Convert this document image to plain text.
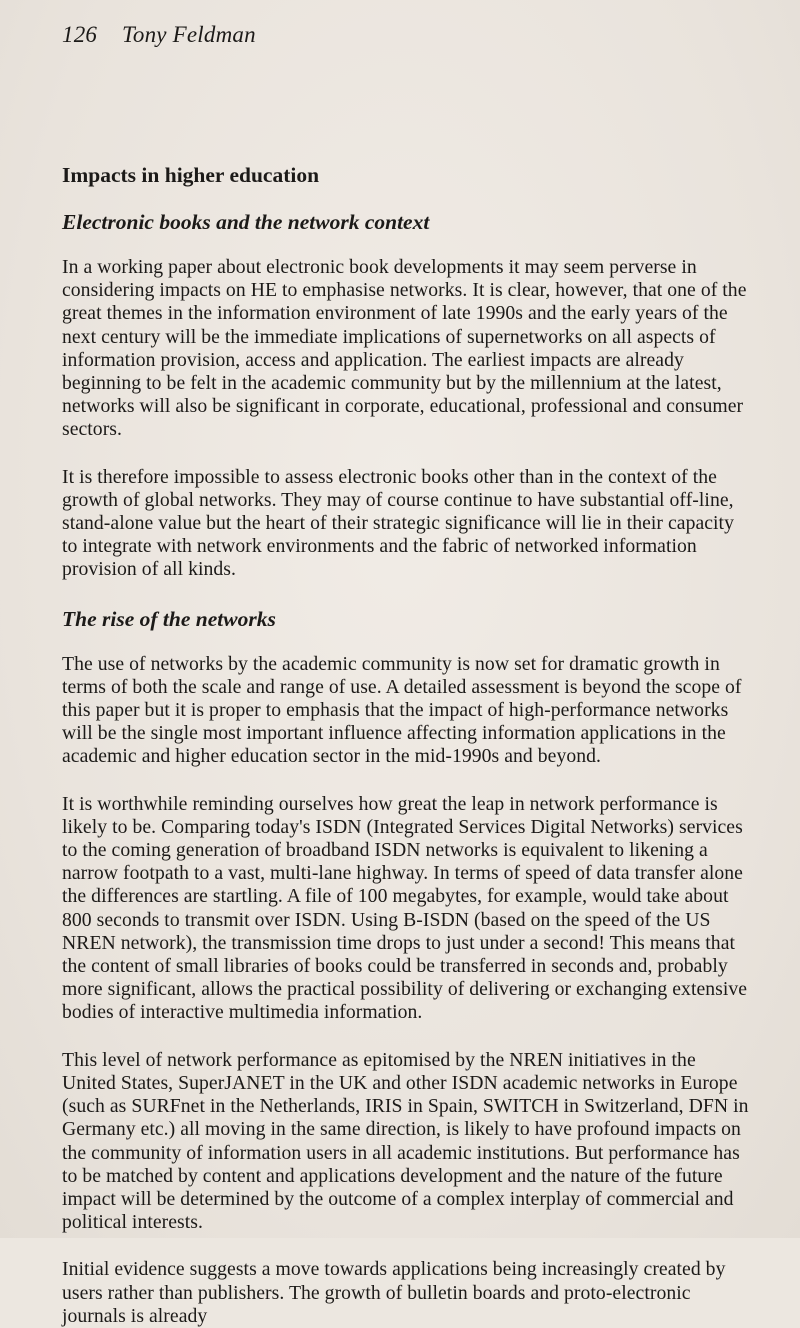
126 Tony Feldman
Impacts in higher education
Electronic books and the network context

In a working paper about electronic book developments it may seem perverse in considering impacts on HE to emphasise networks. It is clear, however, that one of the great themes in the information environment of late 1990s and the early years of the next century will be the immediate implications of supernetworks on all aspects of information provision, access and application. The earliest impacts are already beginning to be felt in the academic community but by the millennium at the latest, networks will also be significant in corporate, educational, professional and consumer sectors.

It is therefore impossible to assess electronic books other than in the context of the growth of global networks. They may of course continue to have substantial off-line, stand-alone value but the heart of their strategic significance will lie in their capacity to integrate with network environments and the fabric of networked information provision of all kinds.

The rise of the networks

The use of networks by the academic community is now set for dramatic growth in terms of both the scale and range of use. A detailed assessment is beyond the scope of this paper but it is proper to emphasis that the impact of high-performance networks will be the single most important influence affecting information applications in the academic and higher education sector in the mid-1990s and beyond.

It is worthwhile reminding ourselves how great the leap in network performance is likely to be. Comparing today's ISDN (Integrated Services Digital Networks) services to the coming generation of broadband ISDN networks is equivalent to likening a narrow footpath to a vast, multi-lane highway. In terms of speed of data transfer alone the differences are startling. A file of 100 megabytes, for example, would take about 800 seconds to transmit over ISDN. Using B-ISDN (based on the speed of the US NREN network), the transmission time drops to just under a second! This means that the content of small libraries of books could be transferred in seconds and, probably more significant, allows the practical possibility of delivering or exchanging extensive bodies of interactive multimedia information.

This level of network performance as epitomised by the NREN initiatives in the United States, SuperJANET in the UK and other ISDN academic networks in Europe (such as SURFnet in the Netherlands, IRIS in Spain, SWITCH in Switzerland, DFN in Germany etc.) all moving in the same direction, is likely to have profound impacts on the community of information users in all academic institutions. But performance has to be matched by content and applications development and the nature of the future impact will be determined by the outcome of a complex interplay of commercial and political interests.

Initial evidence suggests a move towards applications being increasingly created by users rather than publishers. The growth of bulletin boards and proto-electronic journals is already
